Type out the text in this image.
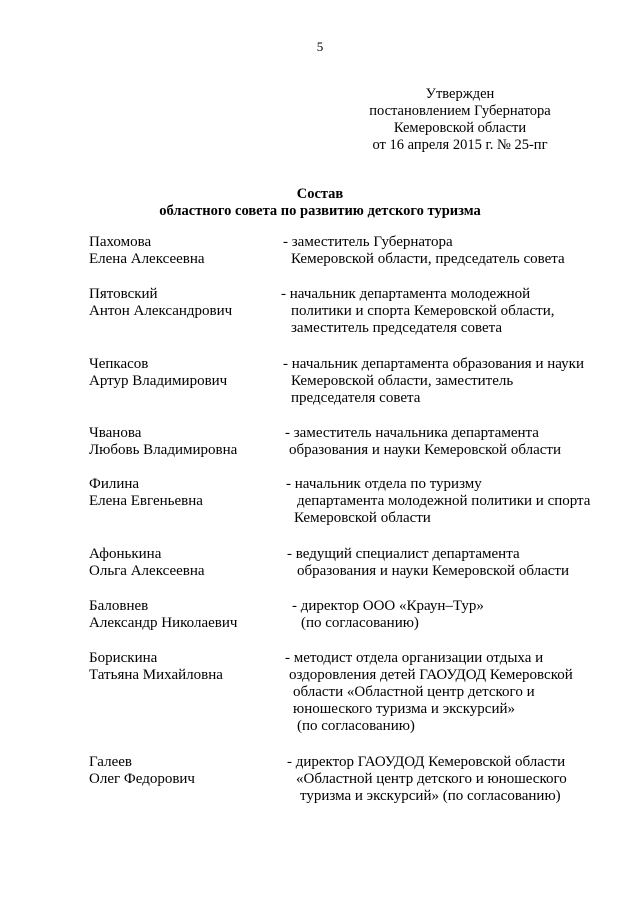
5
Утвержден
постановлением Губернатора
Кемеровской области
от 16 апреля 2015 г. № 25-пг
Состав
областного совета по развитию детского туризма
Пахомова
Елена Алексеевна
- заместитель Губернатора
Кемеровской области, председатель совета
Пятовский
Антон Александрович
- начальник департамента молодежной
политики и спорта Кемеровской области,
заместитель председателя совета
Чепкасов
Артур Владимирович
- начальник департамента образования и науки
Кемеровской области, заместитель
председателя совета
Чванова
Любовь Владимировна
- заместитель начальника департамента
образования и науки Кемеровской области
Филина
Елена Евгеньевна
- начальник отдела по туризму
департамента молодежной политики и спорта
Кемеровской области
Афонькина
Ольга Алексеевна
- ведущий специалист департамента
образования и науки Кемеровской области
Баловнев
Александр Николаевич
- директор ООО «Краун–Тур»
(по согласованию)
Борискина
Татьяна Михайловна
- методист отдела организации отдыха и
оздоровления детей ГАОУДОД Кемеровской
области «Областной центр детского и
юношеского туризма и экскурсий»
(по согласованию)
Галеев
Олег Федорович
- директор ГАОУДОД Кемеровской области
«Областной центр детского и юношеского
туризма и экскурсий» (по согласованию)
